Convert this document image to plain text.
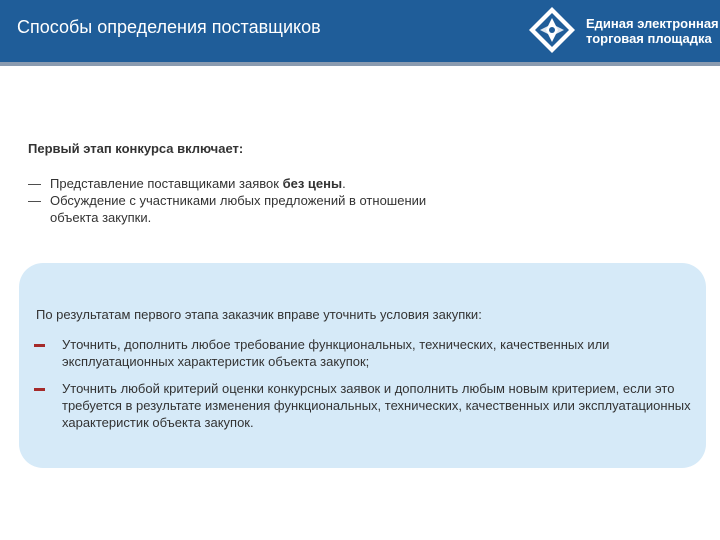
Способы определения поставщиков	Единая электронная
торговая площадка
Первый этап конкурса включает:
— Представление поставщиками заявок без цены.
— Обсуждение с участниками любых предложений в отношении объекта закупки.
По результатам первого этапа заказчик вправе уточнить условия закупки:
Уточнить, дополнить любое требование функциональных, технических, качественных или эксплуатационных характеристик объекта закупок;
Уточнить любой критерий оценки конкурсных заявок и дополнить любым новым критерием, если это требуется в результате изменения функциональных, технических, качественных или эксплуатационных характеристик объекта закупок.
